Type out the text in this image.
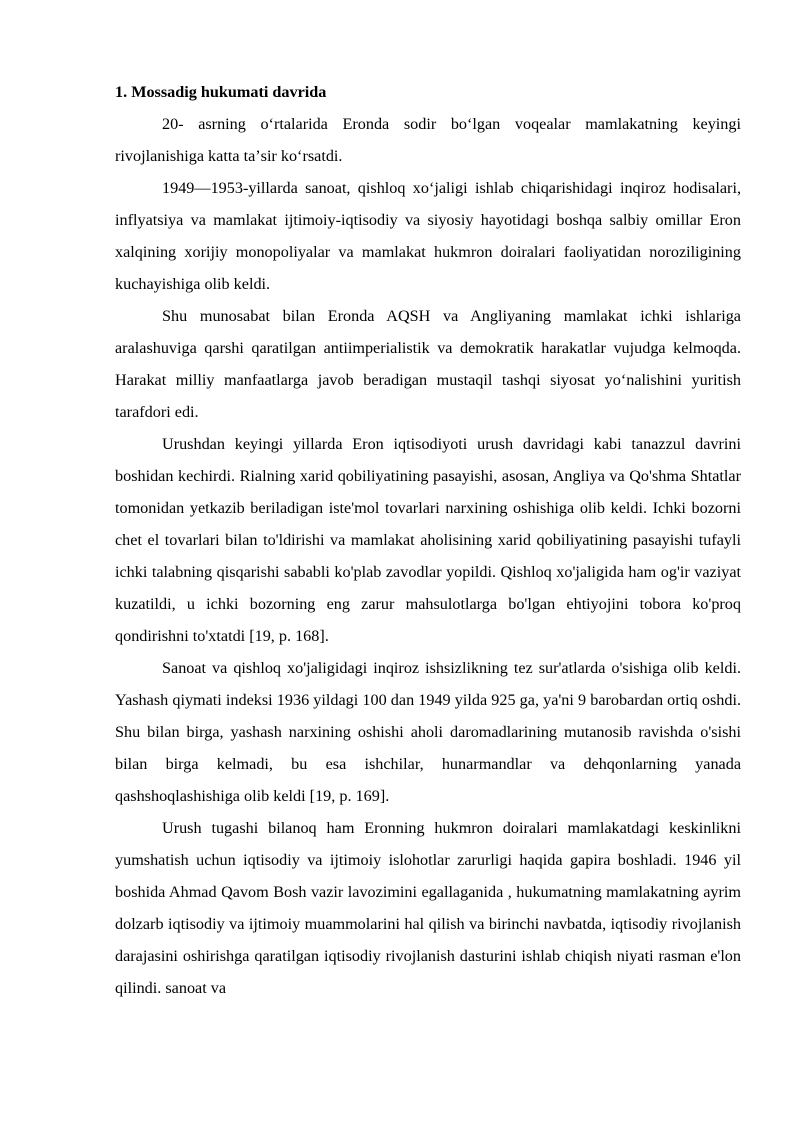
1. Mossadig hukumati davrida

20- asrning oʻrtalarida Eronda sodir boʻlgan voqealar mamlakatning keyingi rivojlanishiga katta taʼsir koʻrsatdi.

1949—1953-yillarda sanoat, qishloq xoʻjaligi ishlab chiqarishidagi inqiroz hodisalari, inflyatsiya va mamlakat ijtimoiy-iqtisodiy va siyosiy hayotidagi boshqa salbiy omillar Eron xalqining xorijiy monopoliyalar va mamlakat hukmron doiralari faoliyatidan noroziligining kuchayishiga olib keldi.

Shu munosabat bilan Eronda AQSH va Angliyaning mamlakat ichki ishlariga aralashuviga qarshi qaratilgan antiimperialistik va demokratik harakatlar vujudga kelmoqda. Harakat milliy manfaatlarga javob beradigan mustaqil tashqi siyosat yoʻnalishini yuritish tarafdori edi.

Urushdan keyingi yillarda Eron iqtisodiyoti urush davridagi kabi tanazzul davrini boshidan kechirdi. Rialning xarid qobiliyatining pasayishi, asosan, Angliya va Qo'shma Shtatlar tomonidan yetkazib beriladigan iste'mol tovarlari narxining oshishiga olib keldi. Ichki bozorni chet el tovarlari bilan to'ldirishi va mamlakat aholisining xarid qobiliyatining pasayishi tufayli ichki talabning qisqarishi sababli ko'plab zavodlar yopildi. Qishloq xo'jaligida ham og'ir vaziyat kuzatildi, u ichki bozorning eng zarur mahsulotlarga bo'lgan ehtiyojini tobora ko'proq qondirishni to'xtatdi [19, p. 168].

Sanoat va qishloq xo'jaligidagi inqiroz ishsizlikning tez sur'atlarda o'sishiga olib keldi. Yashash qiymati indeksi 1936 yildagi 100 dan 1949 yilda 925 ga, ya'ni 9 barobardan ortiq oshdi. Shu bilan birga, yashash narxining oshishi aholi daromadlarining mutanosib ravishda o'sishi bilan birga kelmadi, bu esa ishchilar, hunarmandlar va dehqonlarning yanada qashshoqlashishiga olib keldi [19, p. 169].

Urush tugashi bilanoq ham Eronning hukmron doiralari mamlakatdagi keskinlikni yumshatish uchun iqtisodiy va ijtimoiy islohotlar zarurligi haqida gapira boshladi. 1946 yil boshida Ahmad Qavom Bosh vazir lavozimini egallaganida , hukumatning mamlakatning ayrim dolzarb iqtisodiy va ijtimoiy muammolarini hal qilish va birinchi navbatda, iqtisodiy rivojlanish darajasini oshirishga qaratilgan iqtisodiy rivojlanish dasturini ishlab chiqish niyati rasman e'lon qilindi. sanoat va
